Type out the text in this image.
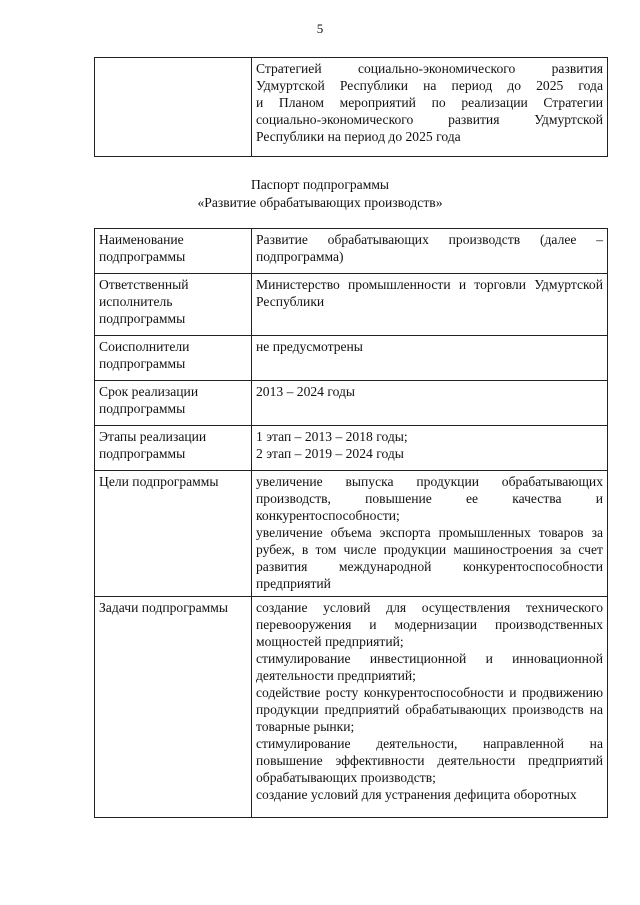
5

Стратегией социально-экономического развития
Удмуртской Республики на период до 2025 года
и Планом мероприятий по реализации Стратегии
социально-экономического развития Удмуртской
Республики на период до 2025 года
Паспорт подпрограммы
«Развитие обрабатывающих производств»
Наименование подпрограммы	Развитие обрабатывающих производств (далее – подпрограмма)
Ответственный исполнитель подпрограммы	Министерство промышленности и торговли Удмуртской Республики
Соисполнители подпрограммы	не предусмотрены
Срок реализации подпрограммы	2013 – 2024 годы
Этапы реализации подпрограммы	1 этап – 2013 – 2018 годы;
2 этап – 2019 – 2024 годы

Цели подпрограммы	увеличение выпуска продукции обрабатывающих производств, повышение ее качества и конкурентоспособности;
увеличение объема экспорта промышленных товаров за рубеж, в том числе продукции машиностроения за счет развития международной конкурентоспособности предприятий

Задачи подпрограммы	создание условий для осуществления технического перевооружения и модернизации производственных мощностей предприятий;
стимулирование инвестиционной и инновационной деятельности предприятий;
содействие росту конкурентоспособности и продвижению продукции предприятий обрабатывающих производств на товарные рынки;
стимулирование деятельности, направленной на повышение эффективности деятельности предприятий обрабатывающих производств;
создание условий для устранения дефицита оборотных
